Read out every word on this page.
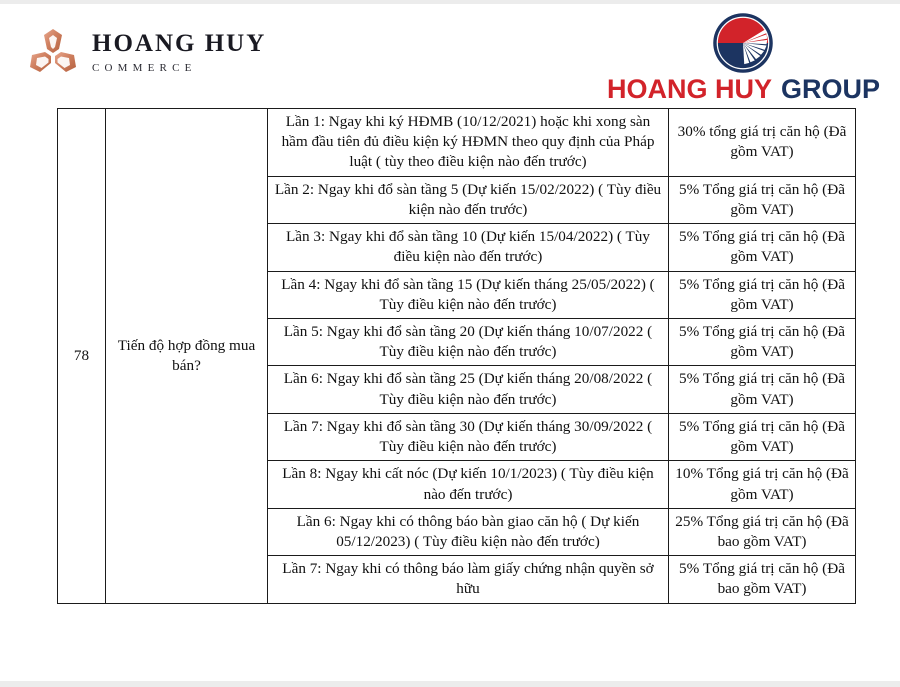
HOANG HUY
COMMERCE
HOANG HUY GROUP
78	Tiến độ hợp đồng mua bán?	Lần 1: Ngay khi ký HĐMB (10/12/2021) hoặc khi xong sàn hầm đầu tiên đủ điều kiện ký HĐMN theo quy định của Pháp luật ( tùy theo điều kiện nào đến trước)	30% tổng giá trị căn hộ (Đã gồm VAT)
		Lần 2: Ngay khi đổ sàn tầng 5 (Dự kiến 15/02/2022) ( Tùy điều kiện nào đến trước)	5% Tổng giá trị căn hộ (Đã gồm VAT)
		Lần 3: Ngay khi đổ sàn tầng 10 (Dự kiến 15/04/2022) ( Tùy điều kiện nào đến trước)	5% Tổng giá trị căn hộ (Đã gồm VAT)
		Lần 4: Ngay khi đổ sàn tầng 15 (Dự kiến tháng 25/05/2022) ( Tùy điều kiện nào đến trước)	5% Tổng giá trị căn hộ (Đã gồm VAT)
		Lần 5: Ngay khi đổ sàn tầng 20 (Dự kiến tháng 10/07/2022 ( Tùy điều kiện nào đến trước)	5% Tổng giá trị căn hộ (Đã gồm VAT)
		Lần 6: Ngay khi đổ sàn tầng 25 (Dự kiến tháng 20/08/2022 ( Tùy điều kiện nào đến trước)	5% Tổng giá trị căn hộ (Đã gồm VAT)
		Lần 7: Ngay khi đổ sàn tầng 30 (Dự kiến tháng 30/09/2022 ( Tùy điều kiện nào đến trước)	5% Tổng giá trị căn hộ (Đã gồm VAT)
		Lần 8: Ngay khi cất nóc (Dự kiến 10/1/2023) ( Tùy điều kiện nào đến trước)	10% Tổng giá trị căn hộ (Đã gồm VAT)
		Lần 6: Ngay khi có thông báo bàn giao căn hộ ( Dự kiến 05/12/2023) ( Tùy điều kiện nào đến trước)	25% Tổng giá trị căn hộ (Đã bao gồm VAT)
		Lần 7: Ngay khi có thông báo làm giấy chứng nhận quyền sở hữu	5% Tổng giá trị căn hộ (Đã bao gồm VAT)
